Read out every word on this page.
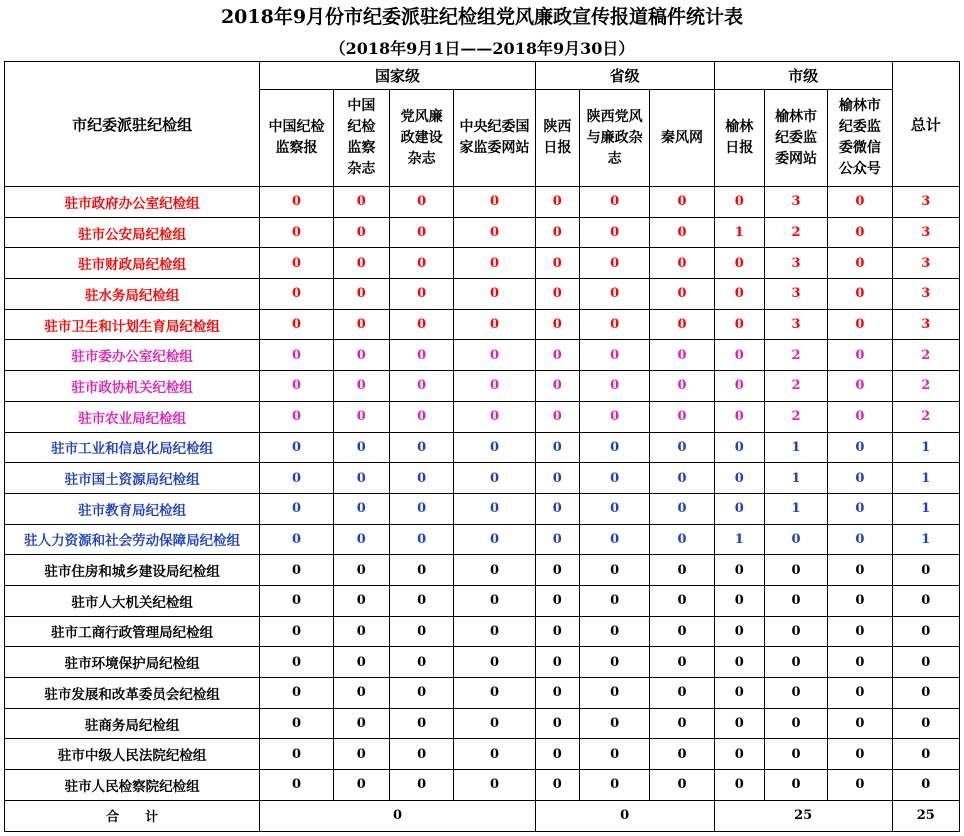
2018年9月份市纪委派驻纪检组党风廉政宣传报道稿件统计表
（2018年9月1日——2018年9月30日）
市纪委派驻纪检组	国家级				省级			市级			总计
	中国纪检监察报	中国纪检监察杂志	党风廉政建设杂志	中央纪委国家监委网站	陕西日报	陕西党风与廉政杂志	秦风网	榆林日报	榆林市纪委监委网站	榆林市纪委监委微信公众号	
驻市政府办公室纪检组	0	0	0	0	0	0	0	0	3	0	3
驻市公安局纪检组	0	0	0	0	0	0	0	1	2	0	3
驻市财政局纪检组	0	0	0	0	0	0	0	0	3	0	3
驻水务局纪检组	0	0	0	0	0	0	0	0	3	0	3
驻市卫生和计划生育局纪检组	0	0	0	0	0	0	0	0	3	0	3
驻市委办公室纪检组	0	0	0	0	0	0	0	0	2	0	2
驻市政协机关纪检组	0	0	0	0	0	0	0	0	2	0	2
驻市农业局纪检组	0	0	0	0	0	0	0	0	2	0	2
驻市工业和信息化局纪检组	0	0	0	0	0	0	0	0	1	0	1
驻市国土资源局纪检组	0	0	0	0	0	0	0	0	1	0	1
驻市教育局纪检组	0	0	0	0	0	0	0	0	1	0	1
驻人力资源和社会劳动保障局纪检组	0	0	0	0	0	0	0	1	0	0	1
驻市住房和城乡建设局纪检组	0	0	0	0	0	0	0	0	0	0	0
驻市人大机关纪检组	0	0	0	0	0	0	0	0	0	0	0
驻市工商行政管理局纪检组	0	0	0	0	0	0	0	0	0	0	0
驻市环境保护局纪检组	0	0	0	0	0	0	0	0	0	0	0
驻市发展和改革委员会纪检组	0	0	0	0	0	0	0	0	0	0	0
驻商务局纪检组	0	0	0	0	0	0	0	0	0	0	0
驻市中级人民法院纪检组	0	0	0	0	0	0	0	0	0	0	0
驻市人民检察院纪检组	0	0	0	0	0	0	0	0	0	0	0
合　　计	0				0			25			25
